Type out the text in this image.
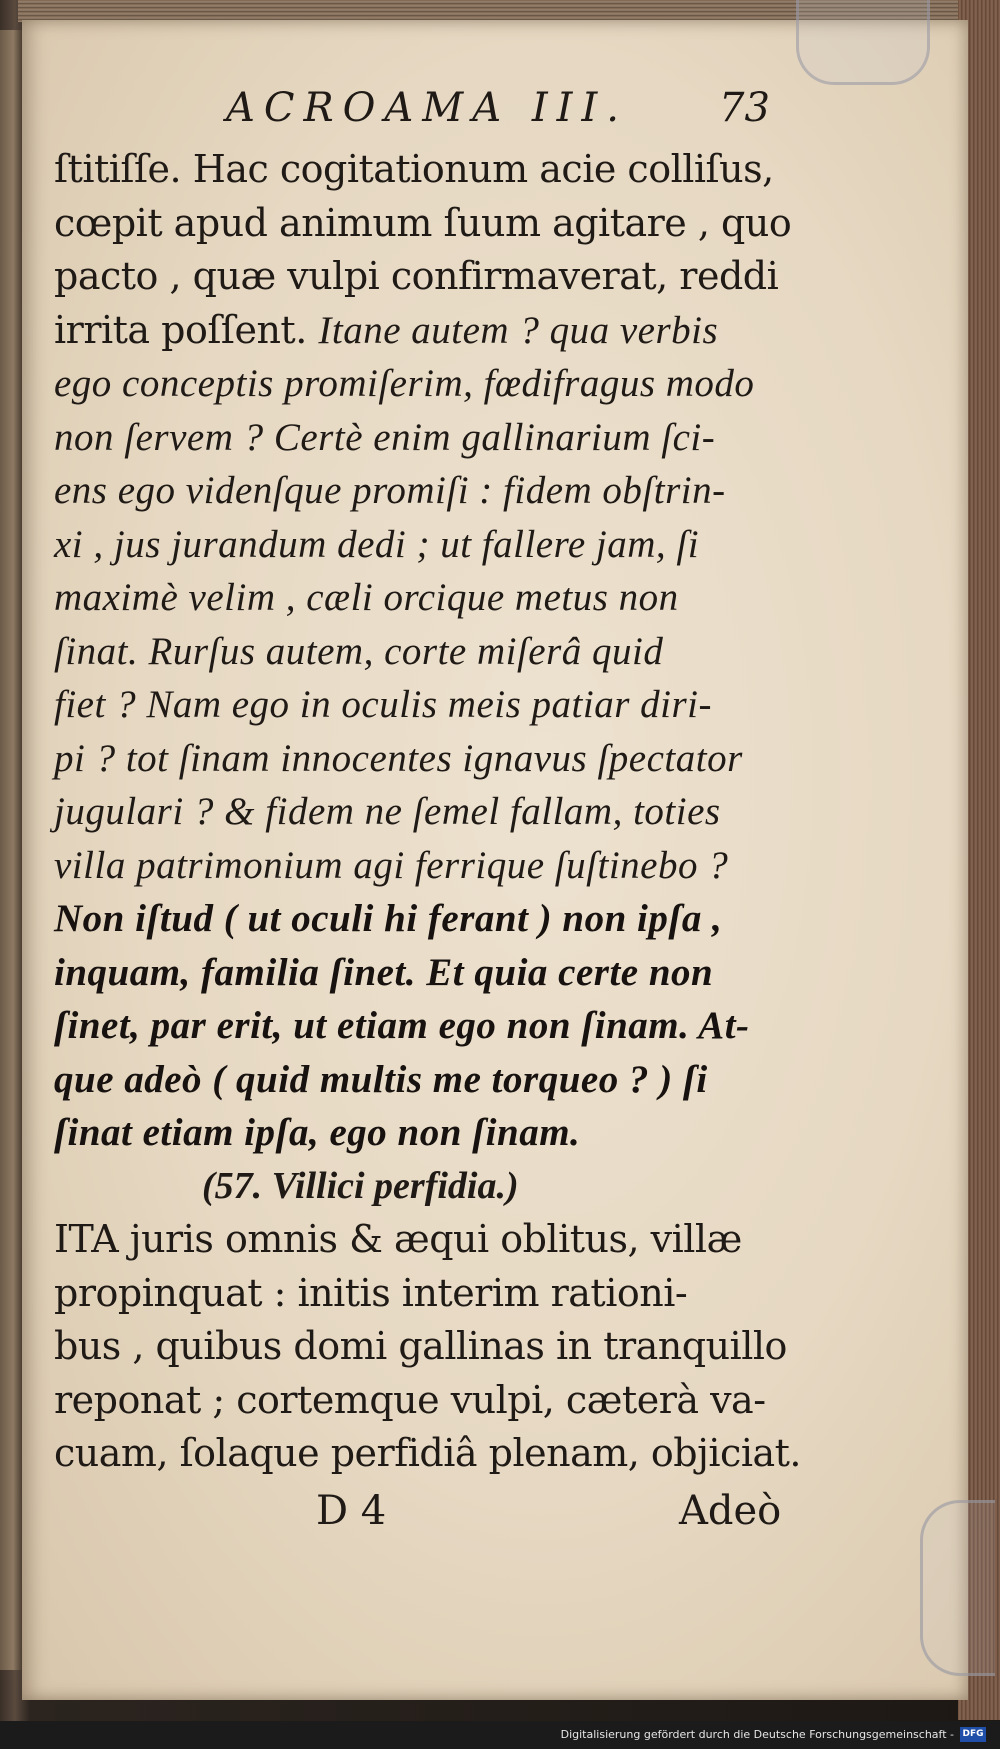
ACROAMA III. 73
ſtitiſſe. Hac cogitationum acie colliſus,
cœpit apud animum ſuum agitare , quo
pacto , quæ vulpi confirmaverat, reddi
irrita poſſent. Itane autem ? qua verbis
ego conceptis promiſerim, fœdifragus modo
non ſervem ? Certè enim gallinarium ſci-
ens ego videnſque promiſi : fidem obſtrin-
xi , jus jurandum dedi ; ut fallere jam, ſi
maximè velim , cæli orcique metus non
ſinat. Rurſus autem, corte miſerâ quid
fiet ? Nam ego in oculis meis patiar diri-
pi ? tot ſinam innocentes ignavus ſpectator
jugulari ? & fidem ne ſemel fallam, toties
villa patrimonium agi ferrique ſuſtinebo ?
Non iſtud ( ut oculi hi ferant ) non ipſa ,
inquam, familia ſinet. Et quia certe non
ſinet, par erit, ut etiam ego non ſinam. At-
que adeò ( quid multis me torqueo ? ) ſi
ſinat etiam ipſa, ego non ſinam.
(57. Villici perfidia.)
ITA juris omnis & æqui oblitus, villæ
propinquat : initis interim rationi-
bus , quibus domi gallinas in tranquillo
reponat ; cortemque vulpi, cæterà va-
cuam, ſolaque perfidiâ plenam, objiciat.
D 4	Adeò
Digitalisierung gefördert durch die Deutsche Forschungsgemeinschaft - DFG
